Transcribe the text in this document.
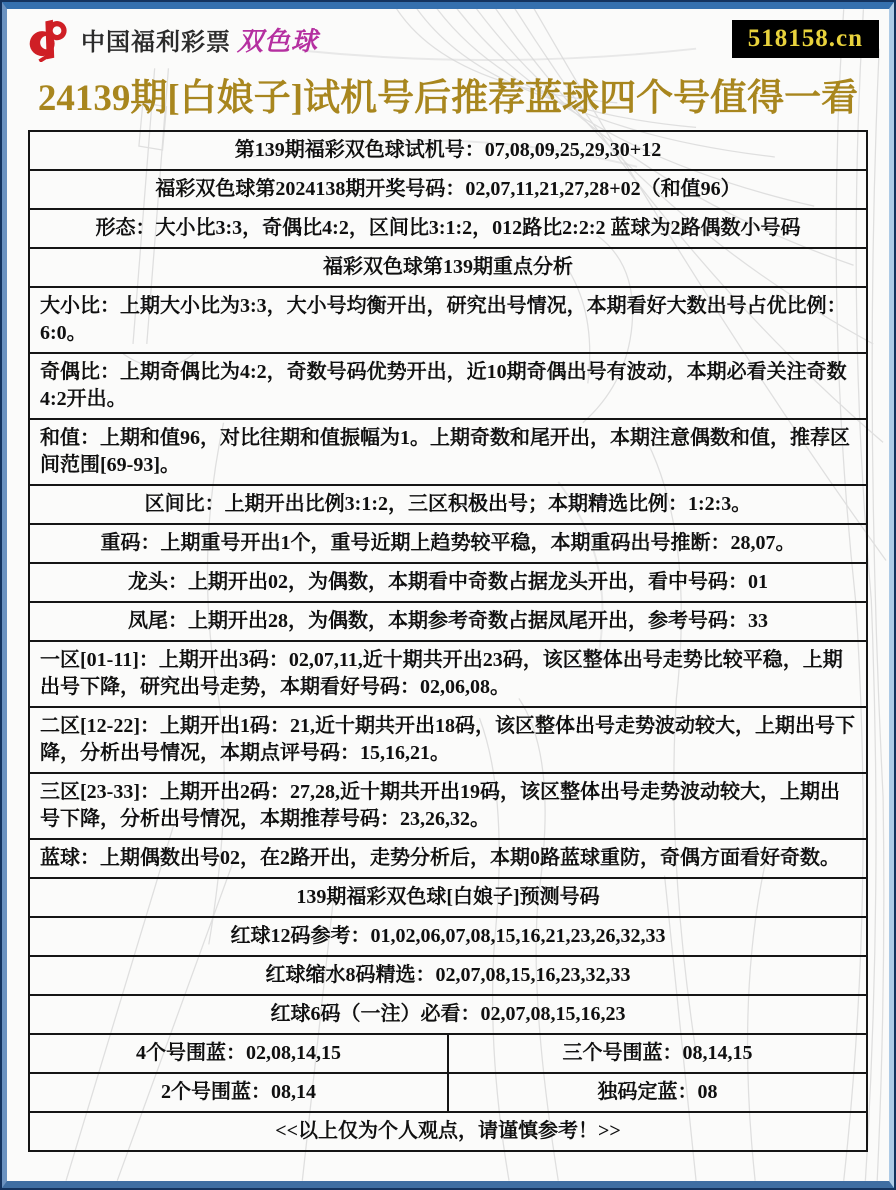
中国福利彩票 双色球	518158.cn
24139期[白娘子]试机号后推荐蓝球四个号值得一看
第139期福彩双色球试机号：07,08,09,25,29,30+12
福彩双色球第2024138期开奖号码：02,07,11,21,27,28+02（和值96）
形态：大小比3:3，奇偶比4:2，区间比3:1:2，012路比2:2:2 蓝球为2路偶数小号码
福彩双色球第139期重点分析
大小比：上期大小比为3:3，大小号均衡开出，研究出号情况，本期看好大数出号占优比例：6:0。
奇偶比：上期奇偶比为4:2，奇数号码优势开出，近10期奇偶出号有波动，本期必看关注奇数4:2开出。
和值：上期和值96，对比往期和值振幅为1。上期奇数和尾开出，本期注意偶数和值，推荐区间范围[69-93]。
区间比：上期开出比例3:1:2，三区积极出号；本期精选比例：1:2:3。
重码：上期重号开出1个，重号近期上趋势较平稳，本期重码出号推断：28,07。
龙头：上期开出02，为偶数，本期看中奇数占据龙头开出，看中号码：01
凤尾：上期开出28，为偶数，本期参考奇数占据凤尾开出，参考号码：33
一区[01-11]：上期开出3码：02,07,11,近十期共开出23码，该区整体出号走势比较平稳，上期出号下降，研究出号走势，本期看好号码：02,06,08。
二区[12-22]：上期开出1码：21,近十期共开出18码，该区整体出号走势波动较大，上期出号下降，分析出号情况，本期点评号码：15,16,21。
三区[23-33]：上期开出2码：27,28,近十期共开出19码，该区整体出号走势波动较大，上期出号下降，分析出号情况，本期推荐号码：23,26,32。
蓝球：上期偶数出号02，在2路开出，走势分析后，本期0路蓝球重防，奇偶方面看好奇数。
139期福彩双色球[白娘子]预测号码
红球12码参考：01,02,06,07,08,15,16,21,23,26,32,33
红球缩水8码精选：02,07,08,15,16,23,32,33
红球6码（一注）必看：02,07,08,15,16,23
4个号围蓝：02,08,14,15	三个号围蓝：08,14,15
2个号围蓝：08,14	独码定蓝：08
<<以上仅为个人观点，请谨慎参考！>>
